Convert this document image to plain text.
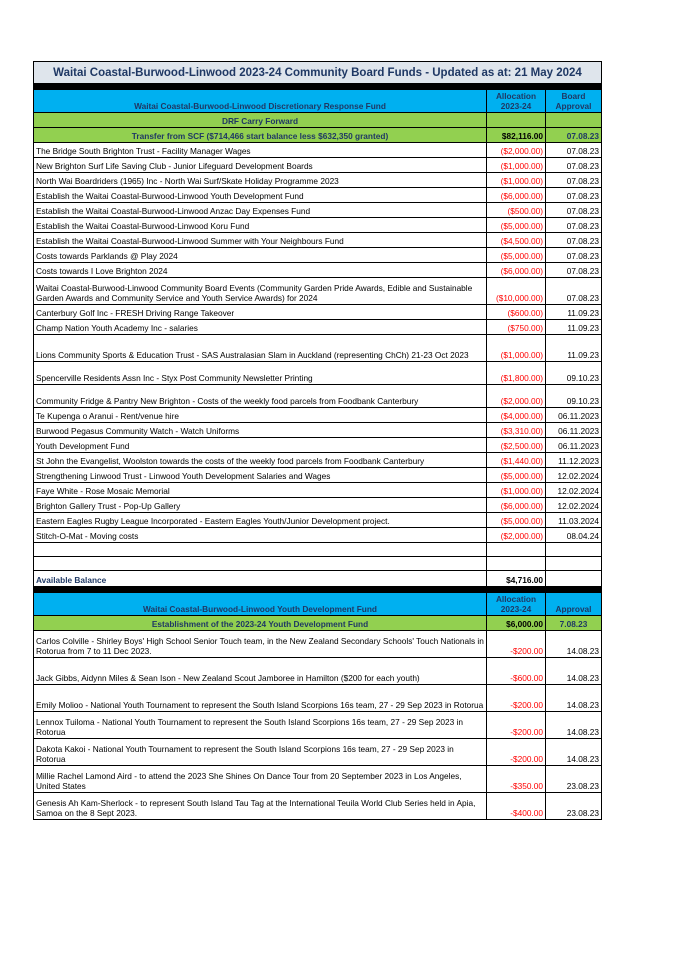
Waitai Coastal-Burwood-Linwood 2023-24 Community Board Funds - Updated as at: 21 May 2024		

Waitai Coastal-Burwood-Linwood Discretionary Response Fund	Allocation 2023-24	Board Approval
DRF Carry Forward		
Transfer from SCF ($714,466 start balance less $632,350 granted)	$82,116.00	07.08.23
The Bridge South Brighton Trust - Facility Manager Wages	($2,000.00)	07.08.23
New Brighton Surf Life Saving Club - Junior Lifeguard Development Boards	($1,000.00)	07.08.23
North Wai Boardriders (1965) Inc - North Wai Surf/Skate Holiday Programme 2023	($1,000.00)	07.08.23
Establish the Waitai Coastal-Burwood-Linwood Youth Development Fund	($6,000.00)	07.08.23
Establish the Waitai Coastal-Burwood-Linwood Anzac Day Expenses Fund	($500.00)	07.08.23
Establish the Waitai Coastal-Burwood-Linwood Koru Fund	($5,000.00)	07.08.23
Establish the Waitai Coastal-Burwood-Linwood Summer with Your Neighbours Fund	($4,500.00)	07.08.23
Costs towards Parklands @ Play 2024	($5,000.00)	07.08.23
Costs towards I Love Brighton 2024	($6,000.00)	07.08.23
Waitai Coastal-Burwood-Linwood Community Board Events (Community Garden Pride Awards, Edible and Sustainable Garden Awards and Community Service and Youth Service Awards) for 2024	($10,000.00)	07.08.23
Canterbury Golf Inc - FRESH Driving Range Takeover	($600.00)	11.09.23
Champ Nation Youth Academy Inc - salaries	($750.00)	11.09.23
Lions Community Sports & Education Trust - SAS Australasian Slam in Auckland (representing ChCh) 21-23 Oct 2023	($1,000.00)	11.09.23
Spencerville Residents Assn Inc - Styx Post Community Newsletter Printing	($1,800.00)	09.10.23
Community Fridge & Pantry New Brighton - Costs of the weekly food parcels from Foodbank Canterbury	($2,000.00)	09.10.23
Te Kupenga o Aranui - Rent/venue hire	($4,000.00)	06.11.2023
Burwood Pegasus Community Watch - Watch Uniforms	($3,310.00)	06.11.2023
Youth Development Fund	($2,500.00)	06.11.2023
St John the Evangelist, Woolston towards the costs of the weekly food parcels from Foodbank Canterbury	($1,440.00)	11.12.2023
Strengthening Linwood Trust - Linwood Youth Development Salaries and Wages	($5,000.00)	12.02.2024
Faye White - Rose Mosaic Memorial	($1,000.00)	12.02.2024
Brighton Gallery Trust - Pop-Up Gallery	($6,000.00)	12.02.2024
Eastern Eagles Rugby League Incorporated - Eastern Eagles Youth/Junior Development project.	($5,000.00)	11.03.2024
Stitch-O-Mat - Moving costs	($2,000.00)	08.04.24

Available Balance	$4,716.00	

Waitai Coastal-Burwood-Linwood Youth Development Fund	Allocation 2023-24	Approval
Establishment of the 2023-24 Youth Development Fund	$6,000.00	7.08.23
Carlos Colville - Shirley Boys' High School Senior Touch team, in the New Zealand Secondary Schools' Touch Nationals in Rotorua from 7 to 11 Dec 2023.	-$200.00	14.08.23
Jack Gibbs, Aidynn Miles & Sean Ison - New Zealand Scout Jamboree in Hamilton ($200 for each youth)	-$600.00	14.08.23
Emily Molioo - National Youth Tournament to represent the South Island Scorpions 16s team, 27 - 29 Sep 2023 in Rotorua	-$200.00	14.08.23
Lennox Tuiloma - National Youth Tournament to represent the South Island Scorpions 16s team, 27 - 29 Sep 2023 in Rotorua	-$200.00	14.08.23
Dakota Kakoi - National Youth Tournament to represent the South Island Scorpions 16s team, 27 - 29 Sep 2023 in Rotorua	-$200.00	14.08.23
Millie Rachel Lamond Aird - to attend the 2023 She Shines On Dance Tour from 20 September 2023 in Los Angeles, United States	-$350.00	23.08.23
Genesis Ah Kam-Sherlock - to represent South Island Tau Tag at the International Teuila World Club Series held in Apia, Samoa on the 8 Sept 2023.	-$400.00	23.08.23
